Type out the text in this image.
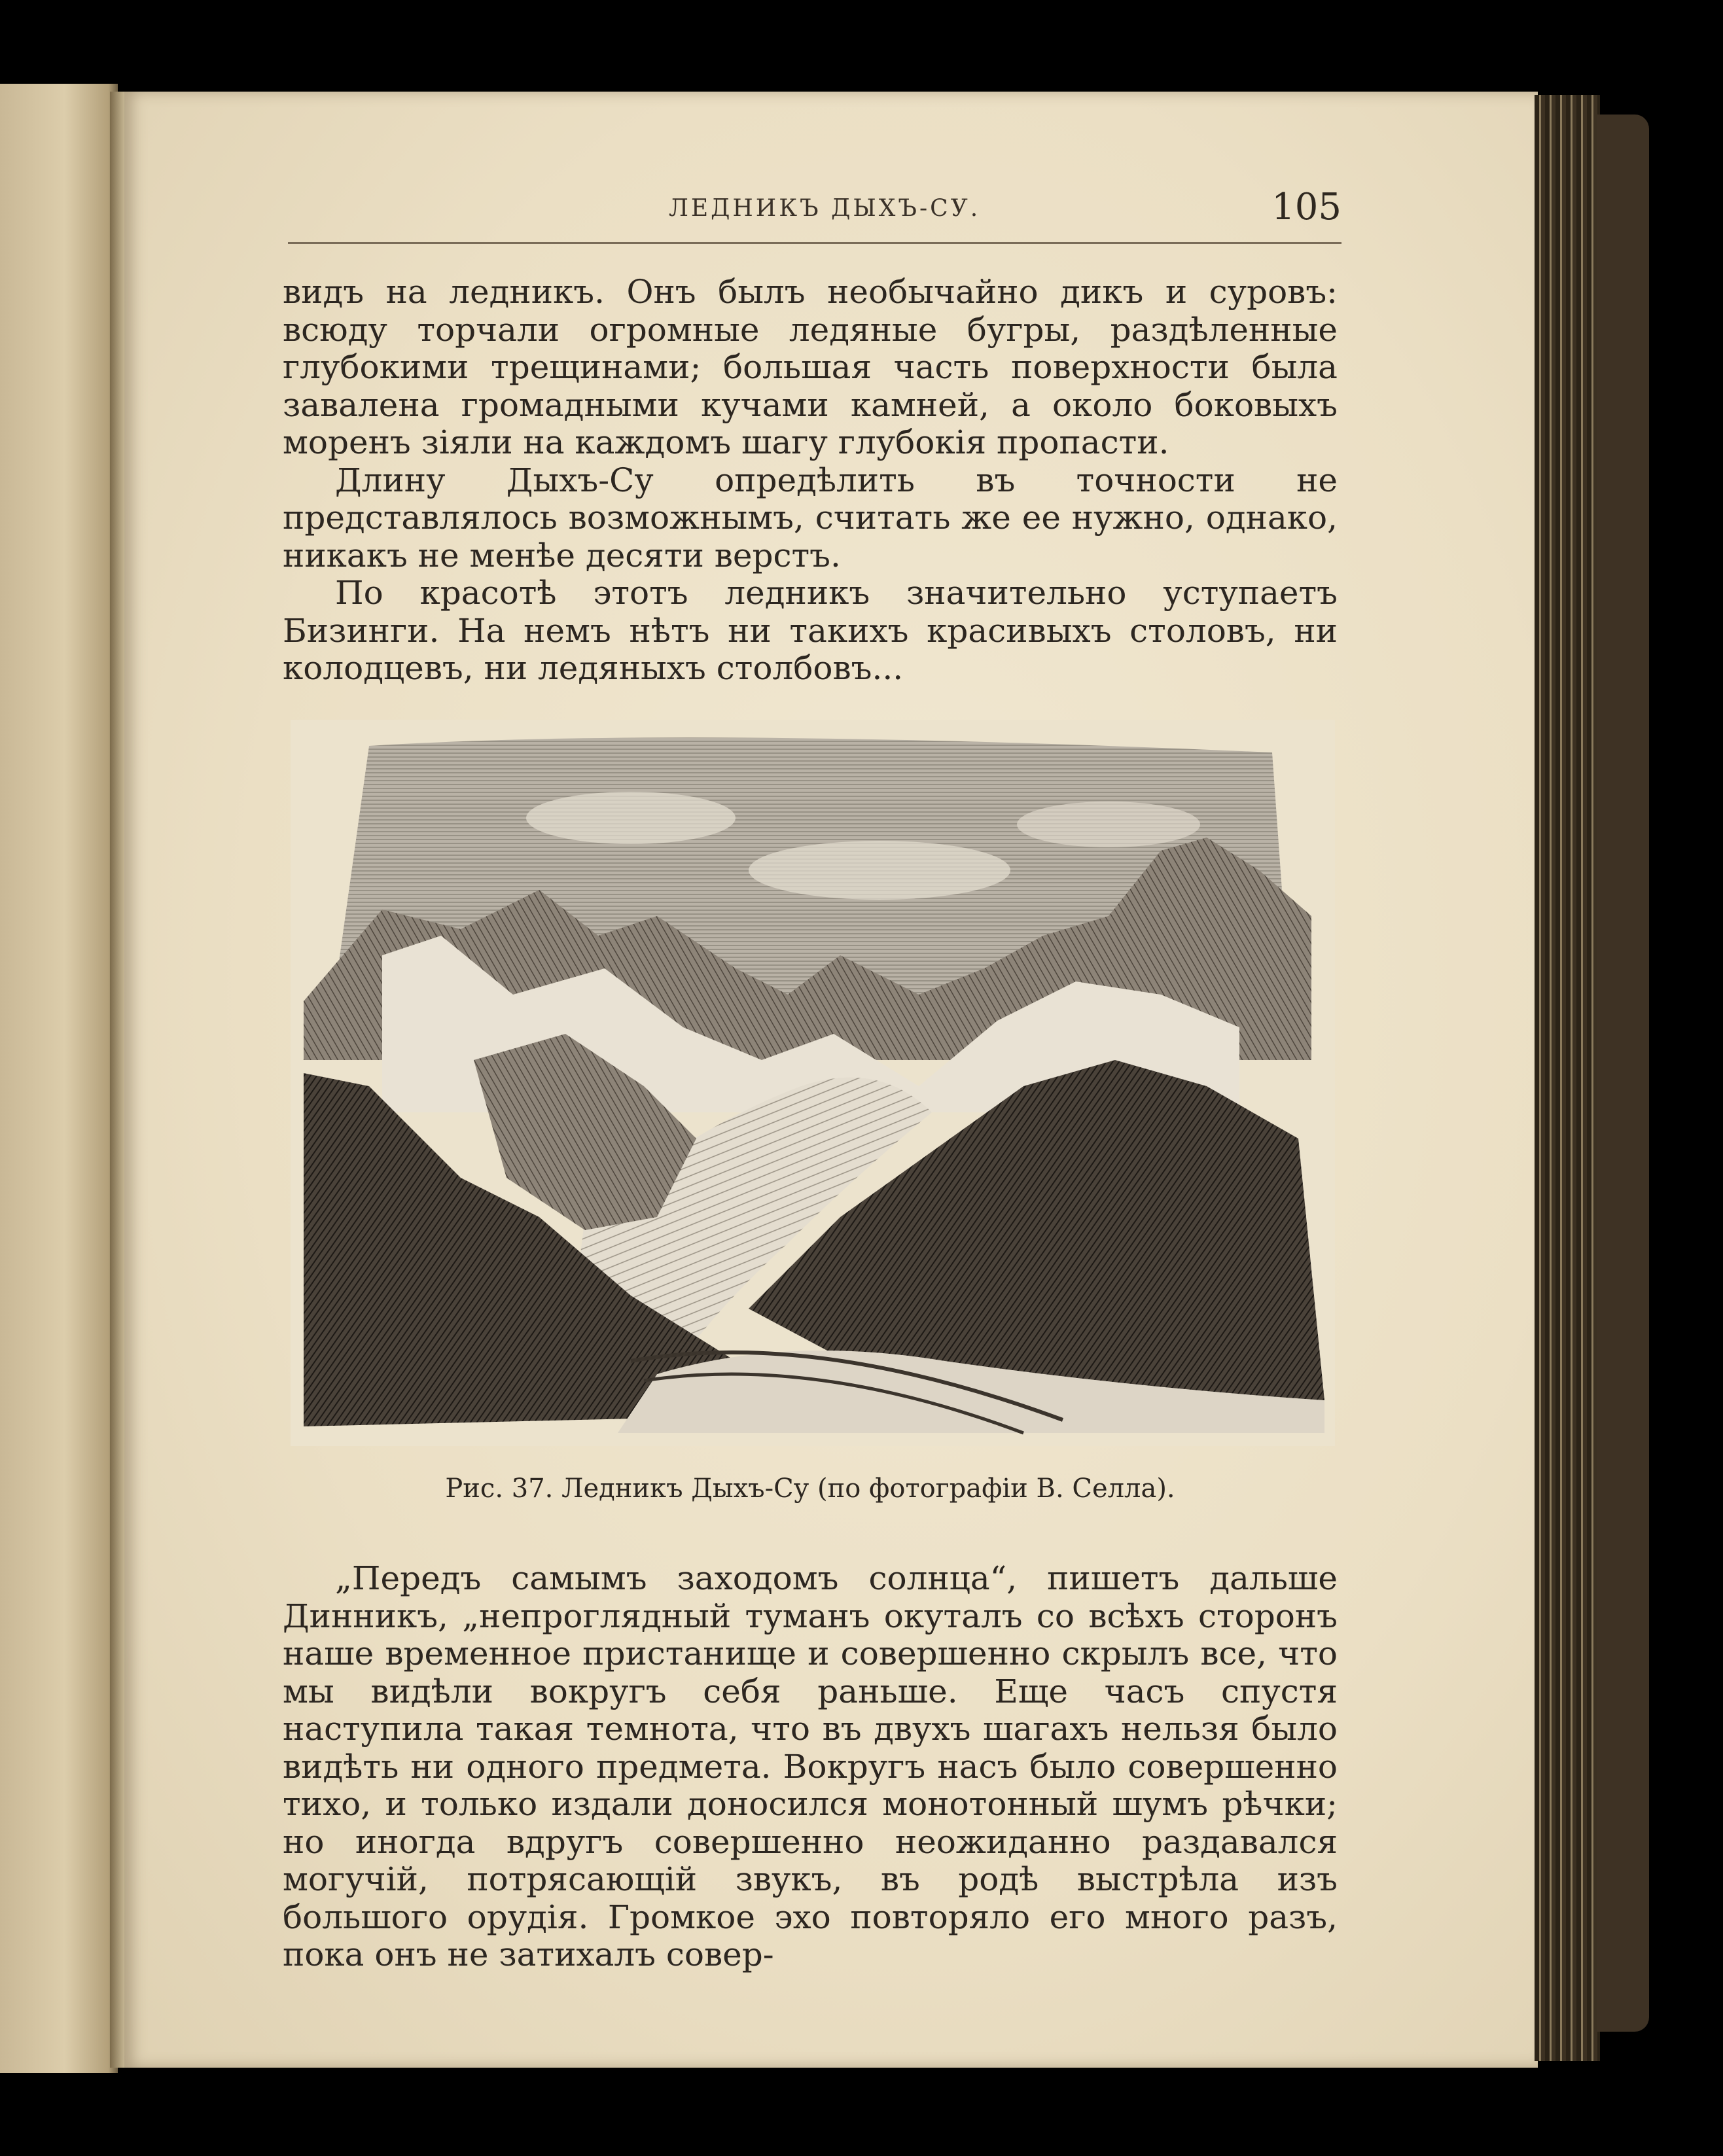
ЛЕДНИКЪ ДЫХЪ-СУ.	105

видъ на ледникъ. Онъ былъ необычайно дикъ и суровъ: всюду торчали огромные ледяные бугры, раздѣленные глубокими трещинами; большая часть поверхности была завалена громадными кучами камней, а около боковыхъ моренъ зіяли на каждомъ шагу глубокія пропасти.

Длину Дыхъ-Су опредѣлить въ точности не представлялось возможнымъ, считать же ее нужно, однако, никакъ не менѣе десяти верстъ.

По красотѣ этотъ ледникъ значительно уступаетъ Бизинги. На немъ нѣтъ ни такихъ красивыхъ столовъ, ни колодцевъ, ни ледяныхъ столбовъ...

Рис. 37. Ледникъ Дыхъ-Су (по фотографіи В. Селла).

„Передъ самымъ заходомъ солнца“, пишетъ дальше Динникъ, „непроглядный туманъ окуталъ со всѣхъ сторонъ наше временное пристанище и совершенно скрылъ все, что мы видѣли вокругъ себя раньше. Еще часъ спустя наступила такая темнота, что въ двухъ шагахъ нельзя было видѣть ни одного предмета. Вокругъ насъ было совершенно тихо, и только издали доносился монотонный шумъ рѣчки; но иногда вдругъ совершенно неожиданно раздавался могучій, потрясающій звукъ, въ родѣ выстрѣла изъ большого орудія. Громкое эхо повторяло его много разъ, пока онъ не затихалъ совер-
